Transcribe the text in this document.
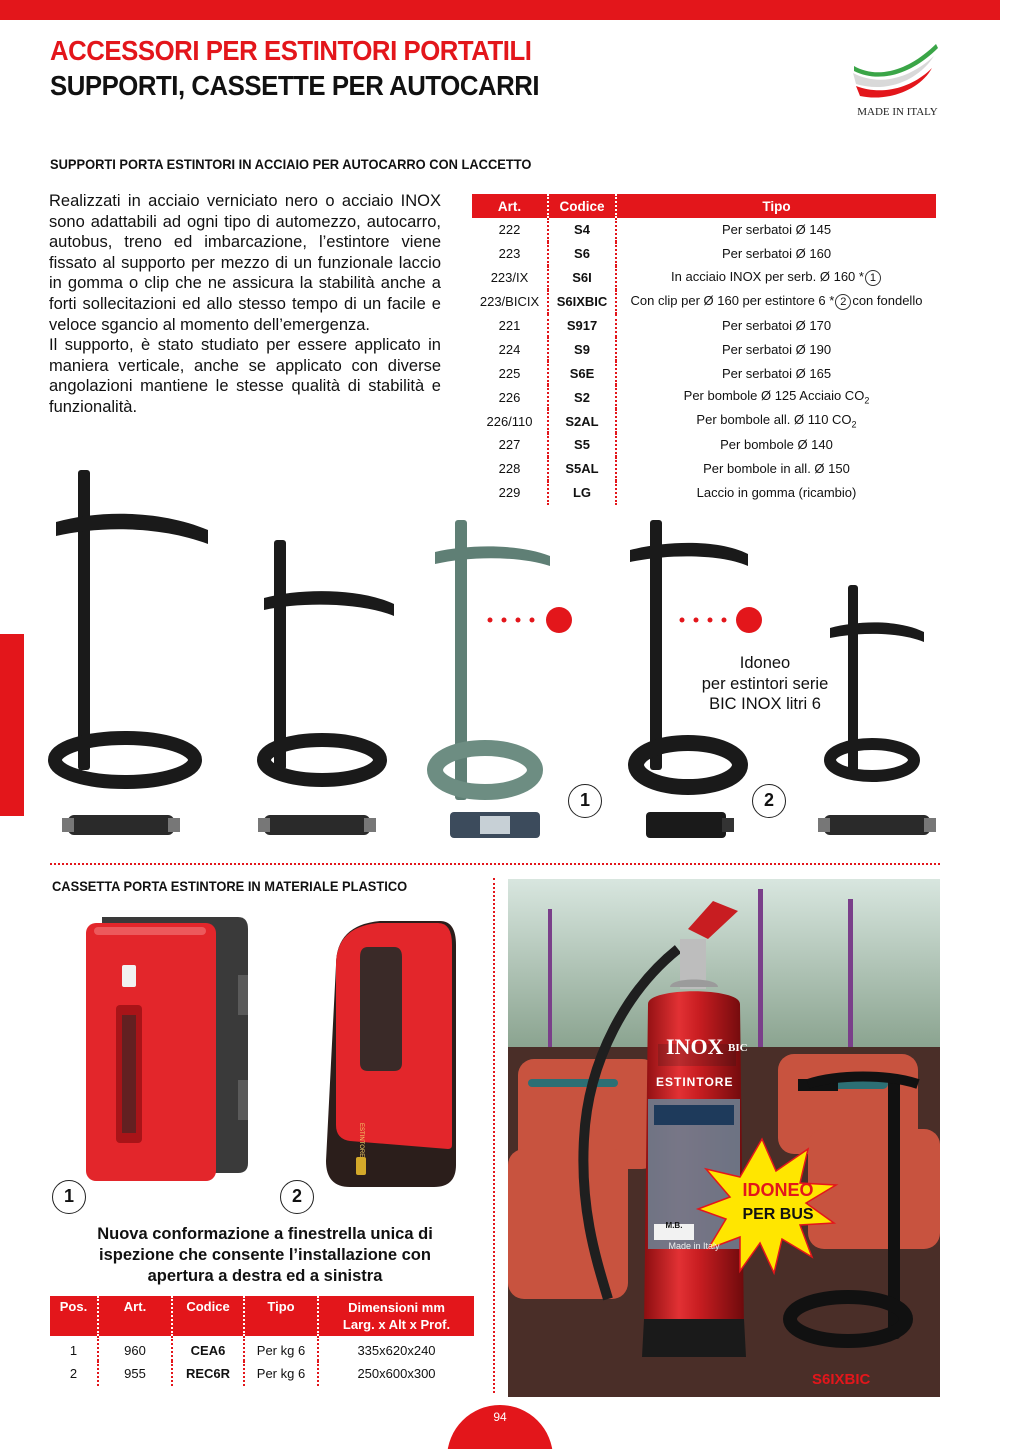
ACCESSORI PER ESTINTORI PORTATILI
SUPPORTI, CASSETTE PER AUTOCARRI
MADE IN ITALY
SUPPORTI PORTA ESTINTORI IN ACCIAIO PER AUTOCARRO CON LACCETTO

Realizzati in acciaio verniciato nero o acciaio INOX sono adattabili ad ogni tipo di automezzo, autocarro, autobus, treno ed imbarcazione, l’estintore viene fissato al supporto per mezzo di un funzionale laccio in gomma o clip che ne assicura la stabilità anche a forti sollecitazioni ed allo stesso tempo di un facile e veloce sgancio al momento dell’emergenza.

Il supporto, è stato studiato per essere applicato in maniera verticale, anche se applicato con diverse angolazioni mantiene le stesse qualità di stabilità e funzionalità.

Art.	Codice	Tipo
222	S4	Per serbatoi Ø 145
223	S6	Per serbatoi Ø 160
223/IX	S6I	In acciaio INOX per serb. Ø 160 * 1
223/BICIX	S6IXBIC	Con clip per Ø 160 per estintore 6 * 2 con fondello
221	S917	Per serbatoi Ø 170
224	S9	Per serbatoi Ø 190
225	S6E	Per serbatoi Ø 165
226	S2	Per bombole Ø 125 Acciaio $CO_2$
226/110	S2AL	Per bombole all. Ø 110 $CO_2$
227	S5	Per bombole Ø 140
228	S5AL	Per bombole in all. Ø 150
229	LG	Laccio in gomma (ricambio)
Idoneo
per estintori serie
BIC INOX litri 6
1	2
CASSETTA PORTA ESTINTORE IN MATERIALE PLASTICO
ESTINTORE
1	2
Nuova conformazione a finestrella unica di ispezione che consente l’installazione con apertura a destra ed a sinistra
Pos.	Art.	Codice	Tipo	Dimensioni mm
Larg. x Alt x Prof.

1	960	CEA6	Per kg 6	335x620x240
2	955	REC6R	Per kg 6	250x600x300
INOX BIC
ESTINTORE
M.B.
Made in Italy
IDONEO
PER BUS
S6IXBIC
94
